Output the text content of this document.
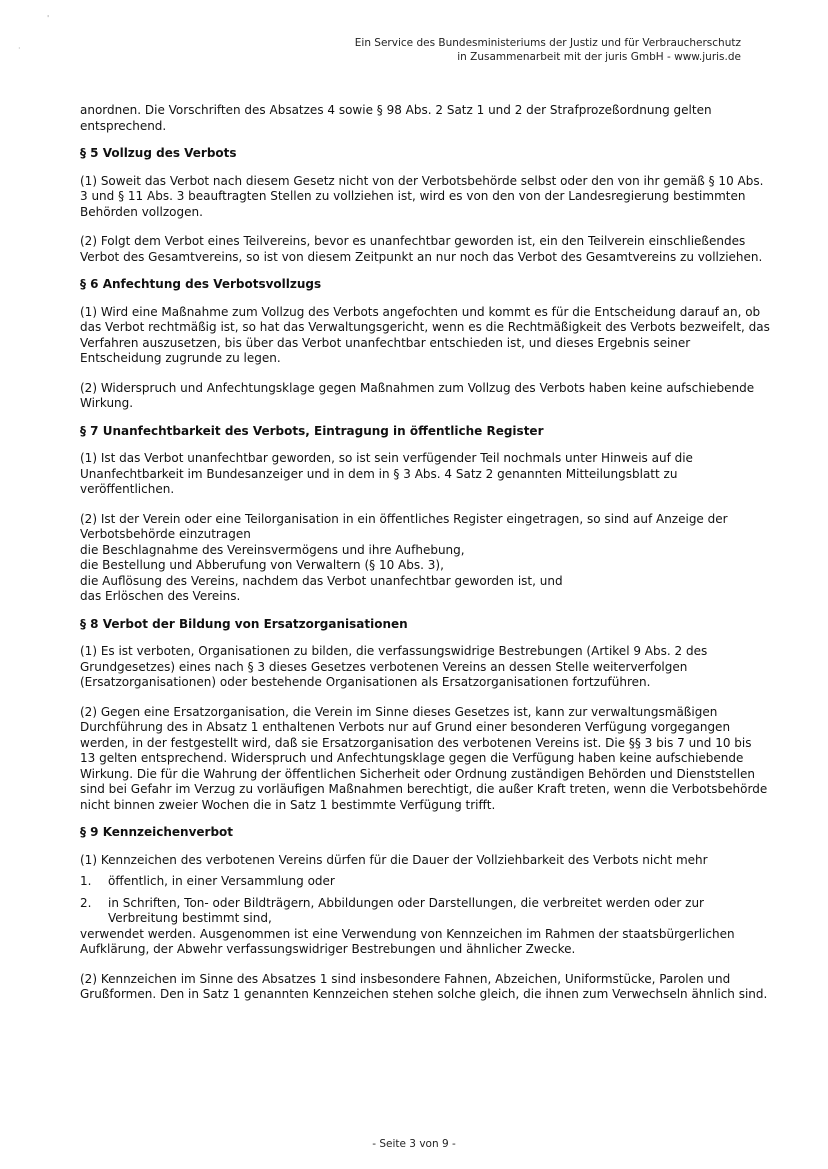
'
·	Ein Service des Bundesministeriums der Justiz und für Verbraucherschutz
in Zusammenarbeit mit der juris GmbH - www.juris.de

anordnen. Die Vorschriften des Absatzes 4 sowie § 98 Abs. 2 Satz 1 und 2 der Strafprozeßordnung gelten entsprechend.

§ 5 Vollzug des Verbots

(1) Soweit das Verbot nach diesem Gesetz nicht von der Verbotsbehörde selbst oder den von ihr gemäß § 10 Abs. 3 und § 11 Abs. 3 beauftragten Stellen zu vollziehen ist, wird es von den von der Landesregierung bestimmten Behörden vollzogen.

(2) Folgt dem Verbot eines Teilvereins, bevor es unanfechtbar geworden ist, ein den Teilverein einschließendes Verbot des Gesamtvereins, so ist von diesem Zeitpunkt an nur noch das Verbot des Gesamtvereins zu vollziehen.

§ 6 Anfechtung des Verbotsvollzugs

(1) Wird eine Maßnahme zum Vollzug des Verbots angefochten und kommt es für die Entscheidung darauf an, ob das Verbot rechtmäßig ist, so hat das Verwaltungsgericht, wenn es die Rechtmäßigkeit des Verbots bezweifelt, das Verfahren auszusetzen, bis über das Verbot unanfechtbar entschieden ist, und dieses Ergebnis seiner Entscheidung zugrunde zu legen.

(2) Widerspruch und Anfechtungsklage gegen Maßnahmen zum Vollzug des Verbots haben keine aufschiebende Wirkung.

§ 7 Unanfechtbarkeit des Verbots, Eintragung in öffentliche Register

(1) Ist das Verbot unanfechtbar geworden, so ist sein verfügender Teil nochmals unter Hinweis auf die Unanfechtbarkeit im Bundesanzeiger und in dem in § 3 Abs. 4 Satz 2 genannten Mitteilungsblatt zu veröffentlichen.

(2) Ist der Verein oder eine Teilorganisation in ein öffentliches Register eingetragen, so sind auf Anzeige der Verbotsbehörde einzutragen

die Beschlagnahme des Vereinsvermögens und ihre Aufhebung,

die Bestellung und Abberufung von Verwaltern (§ 10 Abs. 3),

die Auflösung des Vereins, nachdem das Verbot unanfechtbar geworden ist, und

das Erlöschen des Vereins.

§ 8 Verbot der Bildung von Ersatzorganisationen

(1) Es ist verboten, Organisationen zu bilden, die verfassungswidrige Bestrebungen (Artikel 9 Abs. 2 des Grundgesetzes) eines nach § 3 dieses Gesetzes verbotenen Vereins an dessen Stelle weiterverfolgen (Ersatzorganisationen) oder bestehende Organisationen als Ersatzorganisationen fortzuführen.

(2) Gegen eine Ersatzorganisation, die Verein im Sinne dieses Gesetzes ist, kann zur verwaltungsmäßigen Durchführung des in Absatz 1 enthaltenen Verbots nur auf Grund einer besonderen Verfügung vorgegangen werden, in der festgestellt wird, daß sie Ersatzorganisation des verbotenen Vereins ist. Die §§ 3 bis 7 und 10 bis 13 gelten entsprechend. Widerspruch und Anfechtungsklage gegen die Verfügung haben keine aufschiebende Wirkung. Die für die Wahrung der öffentlichen Sicherheit oder Ordnung zuständigen Behörden und Dienststellen sind bei Gefahr im Verzug zu vorläufigen Maßnahmen berechtigt, die außer Kraft treten, wenn die Verbotsbehörde nicht binnen zweier Wochen die in Satz 1 bestimmte Verfügung trifft.

§ 9 Kennzeichenverbot

(1) Kennzeichen des verbotenen Vereins dürfen für die Dauer der Vollziehbarkeit des Verbots nicht mehr

1.	öffentlich, in einer Versammlung oder
2.	in Schriften, Ton- oder Bildträgern, Abbildungen oder Darstellungen, die verbreitet werden oder zur Verbreitung bestimmt sind,

verwendet werden. Ausgenommen ist eine Verwendung von Kennzeichen im Rahmen der staatsbürgerlichen Aufklärung, der Abwehr verfassungswidriger Bestrebungen und ähnlicher Zwecke.

(2) Kennzeichen im Sinne des Absatzes 1 sind insbesondere Fahnen, Abzeichen, Uniformstücke, Parolen und Grußformen. Den in Satz 1 genannten Kennzeichen stehen solche gleich, die ihnen zum Verwechseln ähnlich sind.

- Seite 3 von 9 -
